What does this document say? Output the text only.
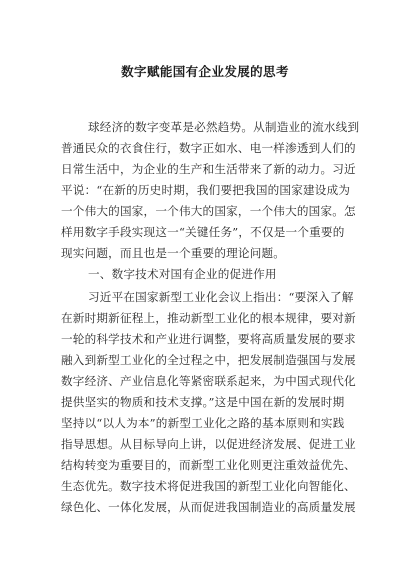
数字赋能国有企业发展的思考
球经济的数字变革是必然趋势。从制造业的流水线到
普通民众的衣食住行，数字正如水、电一样渗透到人们的
日常生活中，为企业的生产和生活带来了新的动力。习近
平说：“在新的历史时期，我们要把我国的国家建设成为
一个伟大的国家，一个伟大的国家，一个伟大的国家。怎
样用数字手段实现这一“关键任务”，不仅是一个重要的
现实问题，而且也是一个重要的理论问题。
一、数字技术对国有企业的促进作用
习近平在国家新型工业化会议上指出：“要深入了解
在新时期新征程上，推动新型工业化的根本规律，要对新
一轮的科学技术和产业进行调整，要将高质量发展的要求
融入到新型工业化的全过程之中，把发展制造强国与发展
数字经济、产业信息化等紧密联系起来，为中国式现代化
提供坚实的物质和技术支撑。”这是中国在新的发展时期
坚持以“以人为本”的新型工业化之路的基本原则和实践
指导思想。从目标导向上讲，以促进经济发展、促进工业
结构转变为重要目的，而新型工业化则更注重效益优先、
生态优先。数字技术将促进我国的新型工业化向智能化、
绿色化、一体化发展，从而促进我国制造业的高质量发展
